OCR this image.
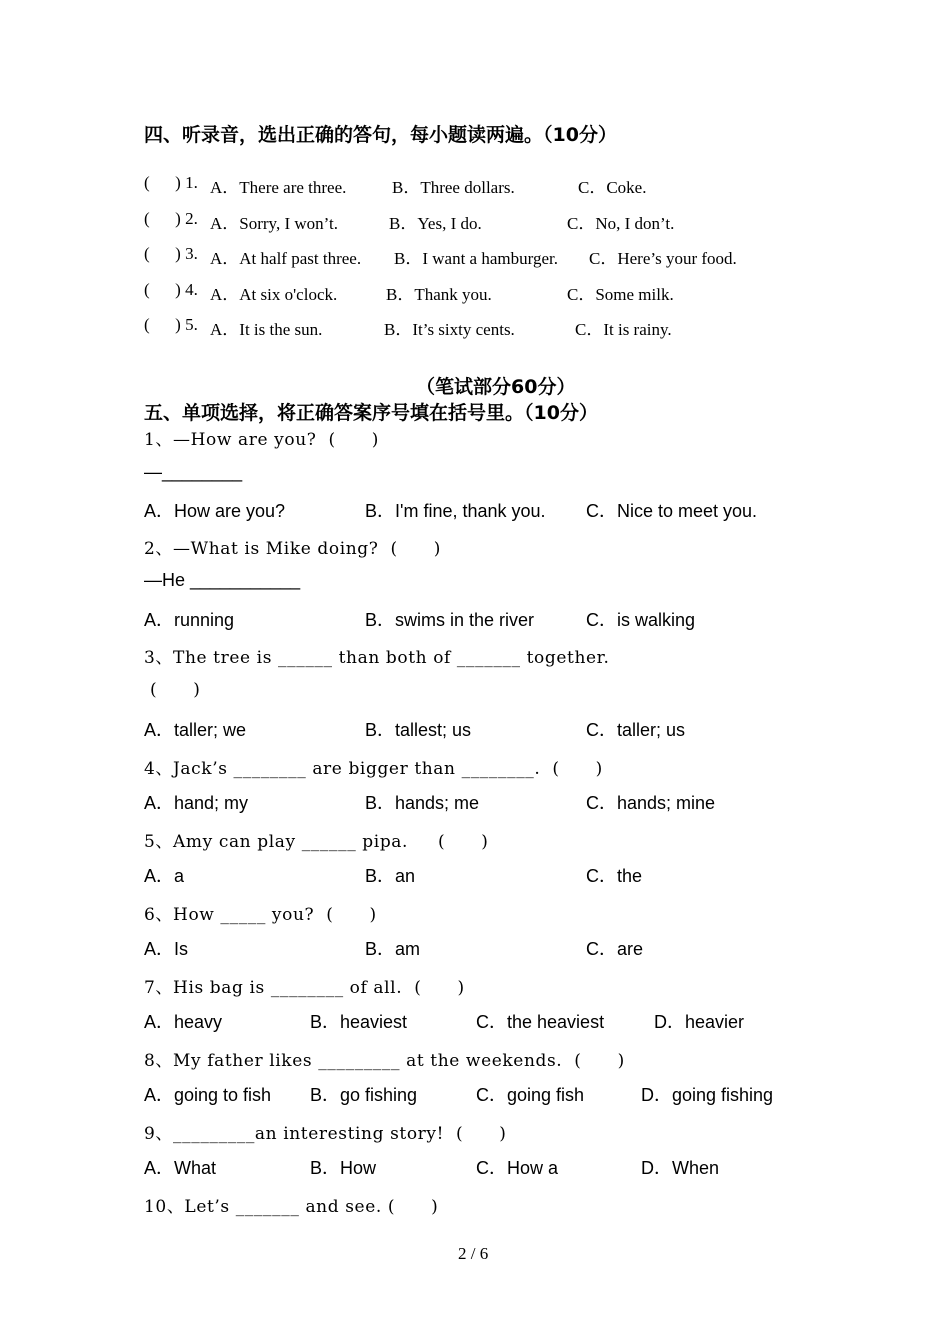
四、听录音，选出正确的答句，每小题读两遍。（10分）
(      ) 1. A．There are three.	B．Three dollars.	C．Coke.
(      ) 2. A．Sorry, I won’t.	B．Yes, I do.	C．No, I don’t.
(      ) 3. A．At half past three. B．I want a hamburger. C．Here’s your food.
(      ) 4. A．At six o'clock.	B．Thank you.	C．Some milk.
(      ) 5. A．It is the sun.	B．It’s sixty cents.	C．It is rainy.
（笔试部分60分）
五、单项选择，将正确答案序号填在括号里。（10分）
1、—How are you?  (      )
—________
A．How are you?	B．I'm fine, thank you. C．Nice to meet you.
2、—What is Mike doing?  (      )
—He ___________
A．running	B．swims in the river	C．is walking
3、The tree is ______ than both of _______ together.
(      )
A．taller; we	B．tallest; us	C．taller; us
4、Jack’s ________ are bigger than ________.  (      )
A．hand; my	B．hands; me	C．hands; mine
5、Amy can play ______ pipa.     (      )
A．a	B．an	C．the
6、How _____ you?  (      )
A．Is	B．am	C．are
7、His bag is ________ of all.  (      )
A．heavy	B．heaviest	C．the heaviest	D．heavier
8、My father likes _________ at the weekends.  (      )
A．going to fish B．go fishing	C．going fish	D．going fishing
9、_________an interesting story!  (      )
A．What	B．How	C．How a	D．When
10、Let’s _______ and see. (      )
2 / 6
